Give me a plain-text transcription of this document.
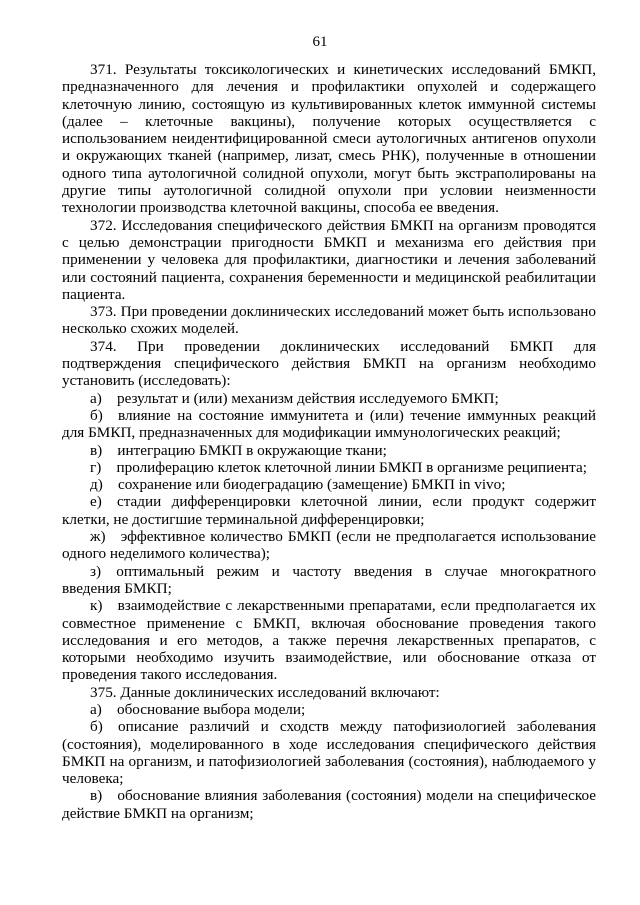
61

371. Результаты токсикологических и кинетических исследований БМКП, предназначенного для лечения и профилактики опухолей и содержащего клеточную линию, состоящую из культивированных клеток иммунной системы (далее – клеточные вакцины), получение которых осуществляется с использованием неидентифицированной смеси аутологичных антигенов опухоли и окружающих тканей (например, лизат, смесь РНК), полученные в отношении одного типа аутологичной солидной опухоли, могут быть экстраполированы на другие типы аутологичной солидной опухоли при условии неизменности технологии производства клеточной вакцины, способа ее введения.

372. Исследования специфического действия БМКП на организм проводятся с целью демонстрации пригодности БМКП и механизма его действия при применении у человека для профилактики, диагностики и лечения заболеваний или состояний пациента, сохранения беременности и медицинской реабилитации пациента.

373. При проведении доклинических исследований может быть использовано несколько схожих моделей.

374. При проведении доклинических исследований БМКП для подтверждения специфического действия БМКП на организм необходимо установить (исследовать):

а) результат и (или) механизм действия исследуемого БМКП;

б) влияние на состояние иммунитета и (или) течение иммунных реакций для БМКП, предназначенных для модификации иммунологических реакций;

в) интеграцию БМКП в окружающие ткани;

г) пролиферацию клеток клеточной линии БМКП в организме реципиента;

д) сохранение или биодеградацию (замещение) БМКП in vivo;

е) стадии дифференцировки клеточной линии, если продукт содержит клетки, не достигшие терминальной дифференцировки;

ж) эффективное количество БМКП (если не предполагается использование одного неделимого количества);

з) оптимальный режим и частоту введения в случае многократного введения БМКП;

к) взаимодействие с лекарственными препаратами, если предполагается их совместное применение с БМКП, включая обоснование проведения такого исследования и его методов, а также перечня лекарственных препаратов, с которыми необходимо изучить взаимодействие, или обоснование отказа от проведения такого исследования.

375. Данные доклинических исследований включают:

а) обоснование выбора модели;

б) описание различий и сходств между патофизиологией заболевания (состояния), моделированного в ходе исследования специфического действия БМКП на организм, и патофизиологией заболевания (состояния), наблюдаемого у человека;

в) обоснование влияния заболевания (состояния) модели на специфическое действие БМКП на организм;
